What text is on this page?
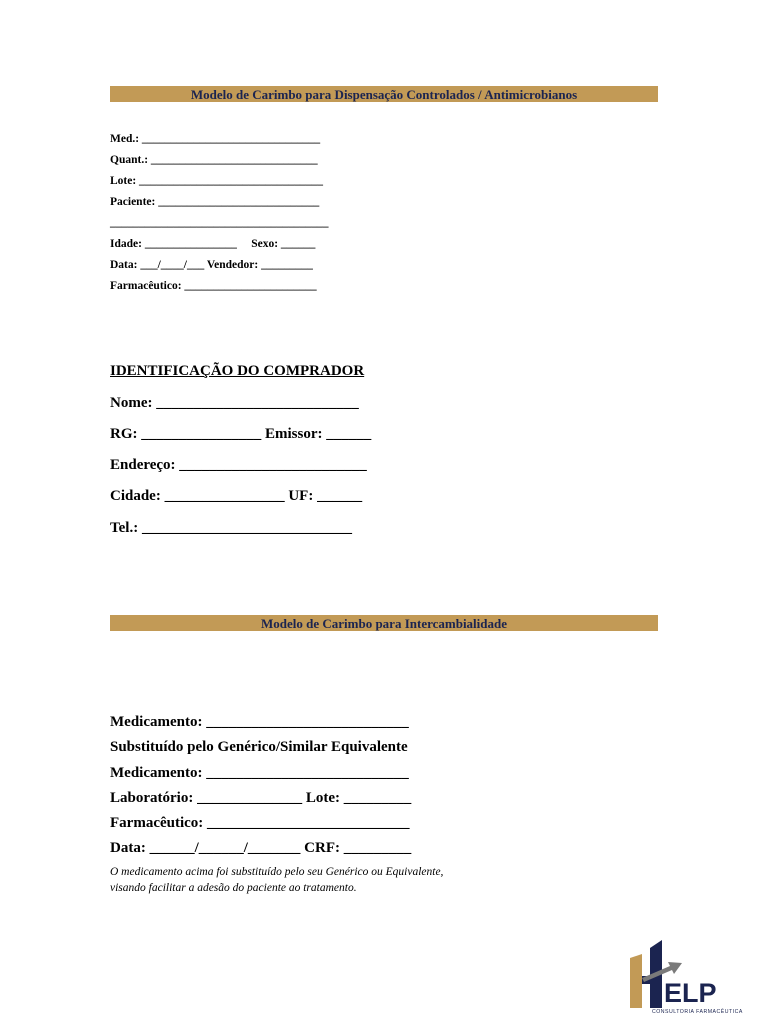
Modelo de Carimbo para Dispensação Controlados / Antimicrobianos
Med.: _______________________________
Quant.: _____________________________
Lote: ________________________________
Paciente: ____________________________
______________________________________
Idade: ________________     Sexo: ______
Data: ___/____/___ Vendedor: _________
Farmacêutico: _______________________
IDENTIFICAÇÃO DO COMPRADOR
Nome: ___________________________
RG: ________________ Emissor: ______
Endereço: _________________________
Cidade: ________________ UF: ______
Tel.: ____________________________
Modelo de Carimbo para Intercambialidade
Medicamento: ___________________________
Substituído pelo Genérico/Similar Equivalente
Medicamento: ___________________________
Laboratório: ______________ Lote: _________
Farmacêutico: ___________________________
Data: ______/______/_______ CRF: _________
O medicamento acima foi substituído pelo seu Genérico ou Equivalente, visando facilitar a adesão do paciente ao tratamento.
ELP
CONSULTORIA FARMACÊUTICA
